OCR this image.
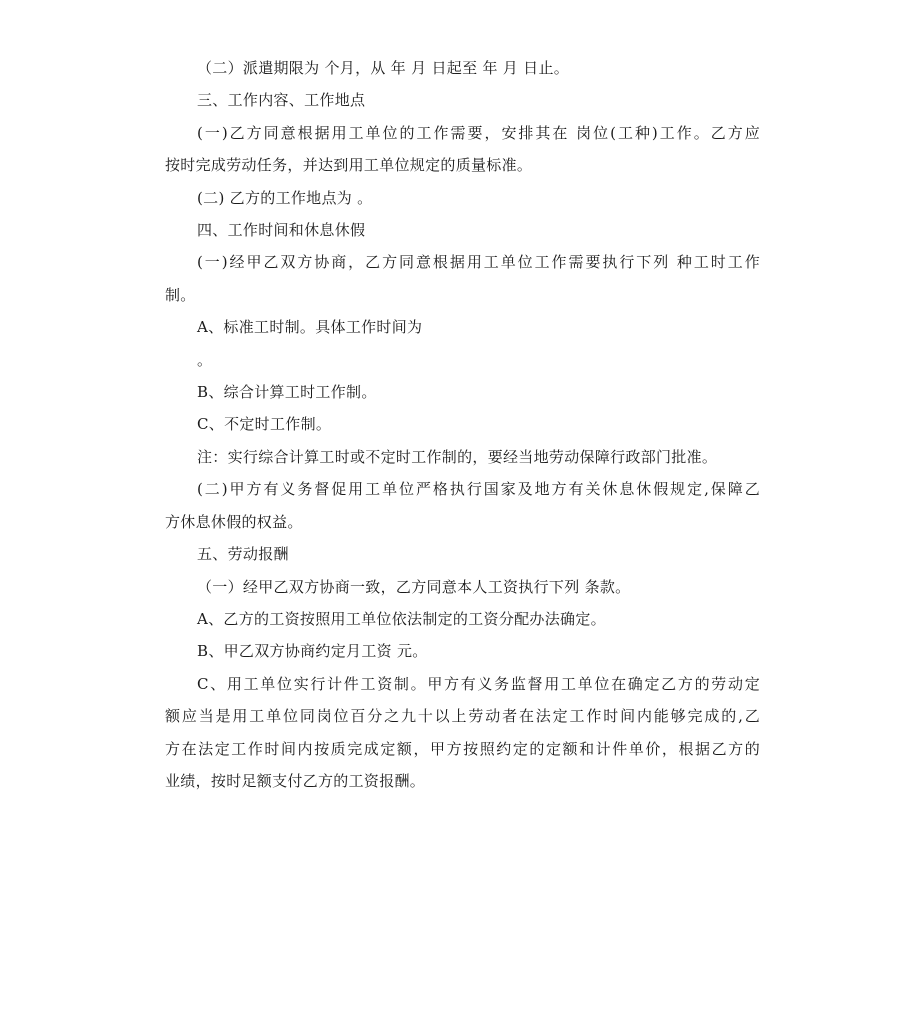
（二）派遣期限为 个月，从 年 月 日起至 年 月 日止。
三、工作内容、工作地点
(一)乙方同意根据用工单位的工作需要，安排其在 岗位(工种)工作。乙方应
按时完成劳动任务，并达到用工单位规定的质量标准。
(二) 乙方的工作地点为 。
四、工作时间和休息休假
(一)经甲乙双方协商，乙方同意根据用工单位工作需要执行下列 种工时工作
制。
A、标准工时制。具体工作时间为
。
B、综合计算工时工作制。
C、不定时工作制。
注：实行综合计算工时或不定时工作制的，要经当地劳动保障行政部门批准。
(二)甲方有义务督促用工单位严格执行国家及地方有关休息休假规定,保障乙
方休息休假的权益。
五、劳动报酬
（一）经甲乙双方协商一致，乙方同意本人工资执行下列 条款。
A、乙方的工资按照用工单位依法制定的工资分配办法确定。
B、甲乙双方协商约定月工资 元。
C、用工单位实行计件工资制。甲方有义务监督用工单位在确定乙方的劳动定
额应当是用工单位同岗位百分之九十以上劳动者在法定工作时间内能够完成的,乙
方在法定工作时间内按质完成定额，甲方按照约定的定额和计件单价，根据乙方的
业绩，按时足额支付乙方的工资报酬。
